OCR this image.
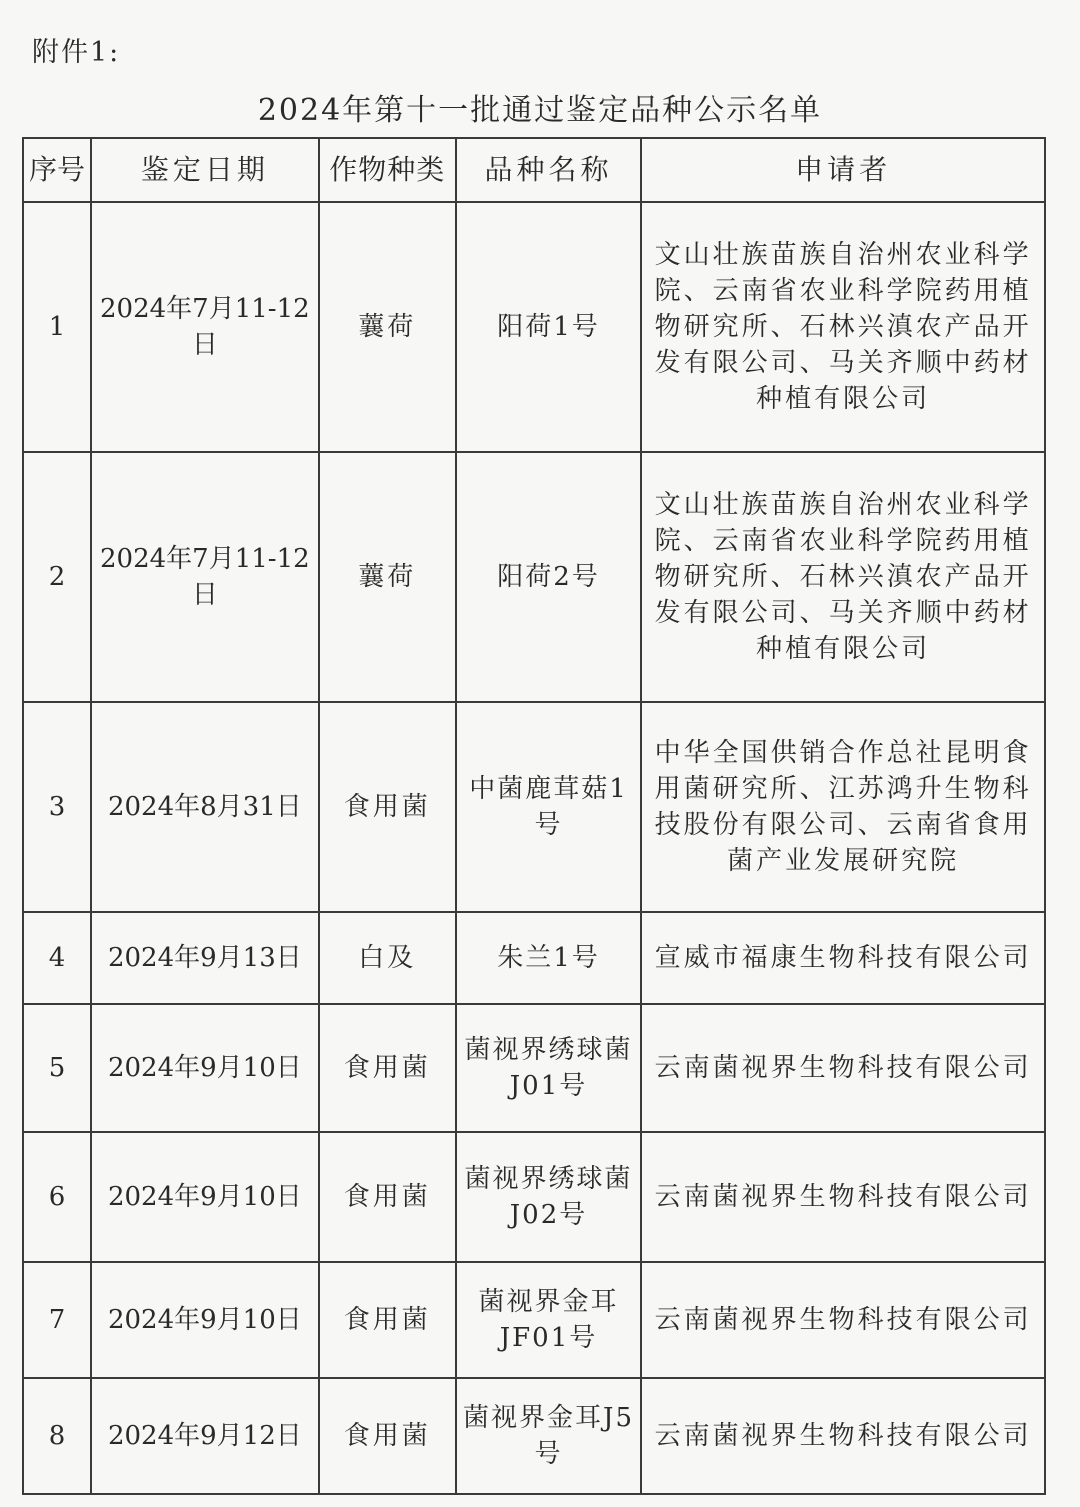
附件1:
2024年第十一批通过鉴定品种公示名单
序号	鉴定日期	作物种类	品种名称	申请者
1	2024年7月11-12日	蘘荷	阳荷1号	文山壮族苗族自治州农业科学院、云南省农业科学院药用植物研究所、石林兴滇农产品开发有限公司、马关齐顺中药材种植有限公司
2	2024年7月11-12日	蘘荷	阳荷2号	文山壮族苗族自治州农业科学院、云南省农业科学院药用植物研究所、石林兴滇农产品开发有限公司、马关齐顺中药材种植有限公司
3	2024年8月31日	食用菌	中菌鹿茸菇1号	中华全国供销合作总社昆明食用菌研究所、江苏鸿升生物科技股份有限公司、云南省食用菌产业发展研究院
4	2024年9月13日	白及	朱兰1号	宣威市福康生物科技有限公司
5	2024年9月10日	食用菌	菌视界绣球菌J01号	云南菌视界生物科技有限公司
6	2024年9月10日	食用菌	菌视界绣球菌J02号	云南菌视界生物科技有限公司
7	2024年9月10日	食用菌	菌视界金耳JF01号	云南菌视界生物科技有限公司
8	2024年9月12日	食用菌	菌视界金耳J5号	云南菌视界生物科技有限公司
